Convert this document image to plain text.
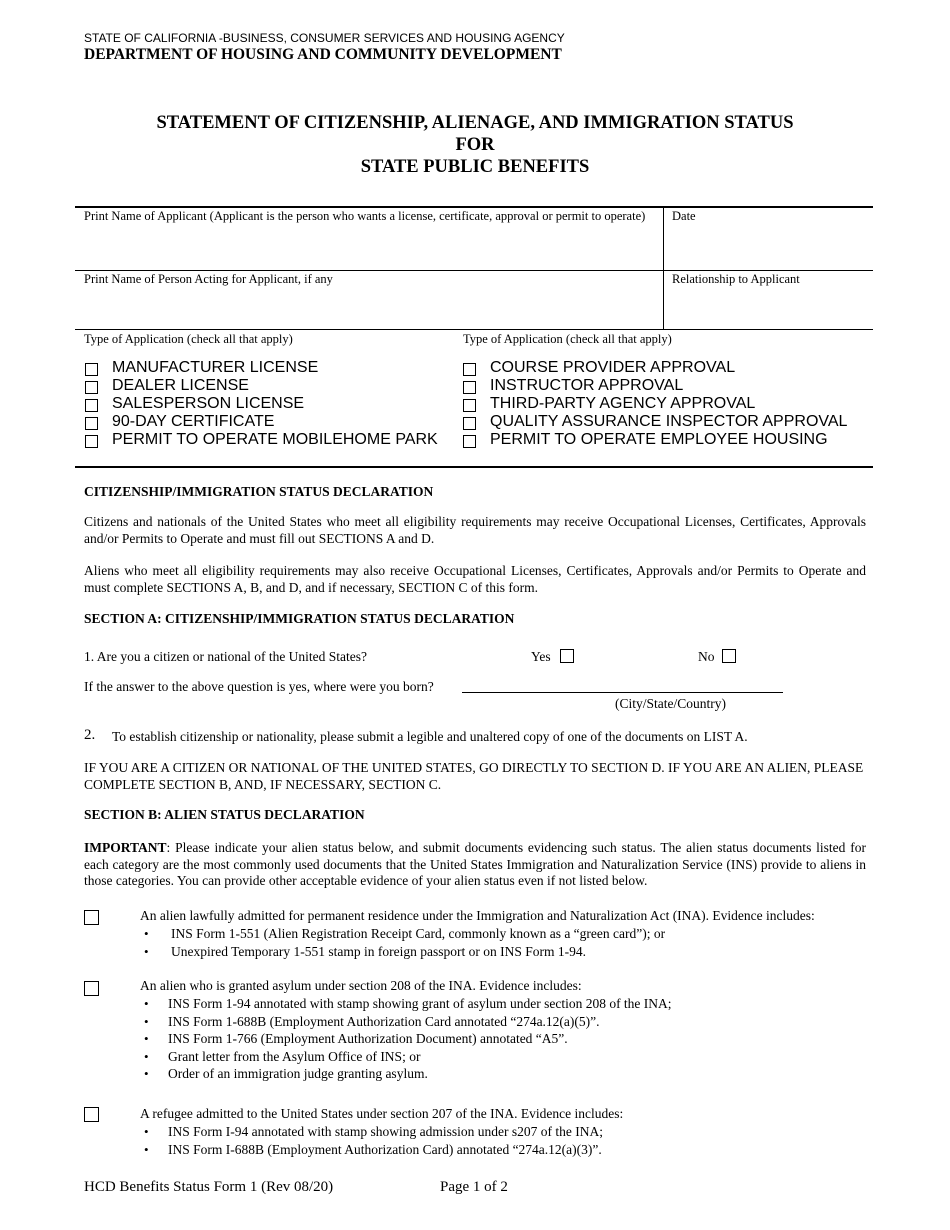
STATE OF CALIFORNIA -BUSINESS, CONSUMER SERVICES AND HOUSING AGENCY
DEPARTMENT OF HOUSING AND COMMUNITY DEVELOPMENT
STATEMENT OF CITIZENSHIP, ALIENAGE, AND IMMIGRATION STATUS
FOR
STATE PUBLIC BENEFITS
Print Name of Applicant (Applicant is the person who wants a license, certificate, approval or permit to operate) Date
Print Name of Person Acting for Applicant, if any	Relationship to Applicant
Type of Application (check all that apply)	Type of Application (check all that apply)
MANUFACTURER LICENSE
DEALER LICENSE
SALESPERSON LICENSE
90-DAY CERTIFICATE
PERMIT TO OPERATE MOBILEHOME PARK
COURSE PROVIDER APPROVAL
INSTRUCTOR APPROVAL
THIRD-PARTY AGENCY APPROVAL
QUALITY ASSURANCE INSPECTOR APPROVAL
PERMIT TO OPERATE EMPLOYEE HOUSING
CITIZENSHIP/IMMIGRATION STATUS DECLARATION
Citizens and nationals of the United States who meet all eligibility requirements may receive Occupational Licenses, Certificates, Approvals and/or Permits to Operate and must fill out SECTIONS A and D.
Aliens who meet all eligibility requirements may also receive Occupational Licenses, Certificates, Approvals and/or Permits to Operate and must complete SECTIONS A, B, and D, and if necessary, SECTION C of this form.
SECTION A: CITIZENSHIP/IMMIGRATION STATUS DECLARATION
1. Are you a citizen or national of the United States?	Yes	No
If the answer to the above question is yes, where were you born?
(City/State/Country)
2. To establish citizenship or nationality, please submit a legible and unaltered copy of one of the documents on LIST A.
IF YOU ARE A CITIZEN OR NATIONAL OF THE UNITED STATES, GO DIRECTLY TO SECTION D. IF YOU ARE AN ALIEN, PLEASE COMPLETE SECTION B, AND, IF NECESSARY, SECTION C.
SECTION B: ALIEN STATUS DECLARATION
IMPORTANT: Please indicate your alien status below, and submit documents evidencing such status. The alien status documents listed for each category are the most commonly used documents that the United States Immigration and Naturalization Service (INS) provide to aliens in those categories. You can provide other acceptable evidence of your alien status even if not listed below.
An alien lawfully admitted for permanent residence under the Immigration and Naturalization Act (INA). Evidence includes:
• INS Form 1-551 (Alien Registration Receipt Card, commonly known as a “green card”); or
• Unexpired Temporary 1-551 stamp in foreign passport or on INS Form 1-94.
An alien who is granted asylum under section 208 of the INA. Evidence includes:
• INS Form 1-94 annotated with stamp showing grant of asylum under section 208 of the INA;
• INS Form 1-688B (Employment Authorization Card annotated “274a.12(a)(5)”.
• INS Form 1-766 (Employment Authorization Document) annotated “A5”.
• Grant letter from the Asylum Office of INS; or
• Order of an immigration judge granting asylum.
A refugee admitted to the United States under section 207 of the INA. Evidence includes:
• INS Form I-94 annotated with stamp showing admission under s207 of the INA;
• INS Form I-688B (Employment Authorization Card) annotated “274a.12(a)(3)”.
HCD Benefits Status Form 1 (Rev 08/20)	Page 1 of 2
